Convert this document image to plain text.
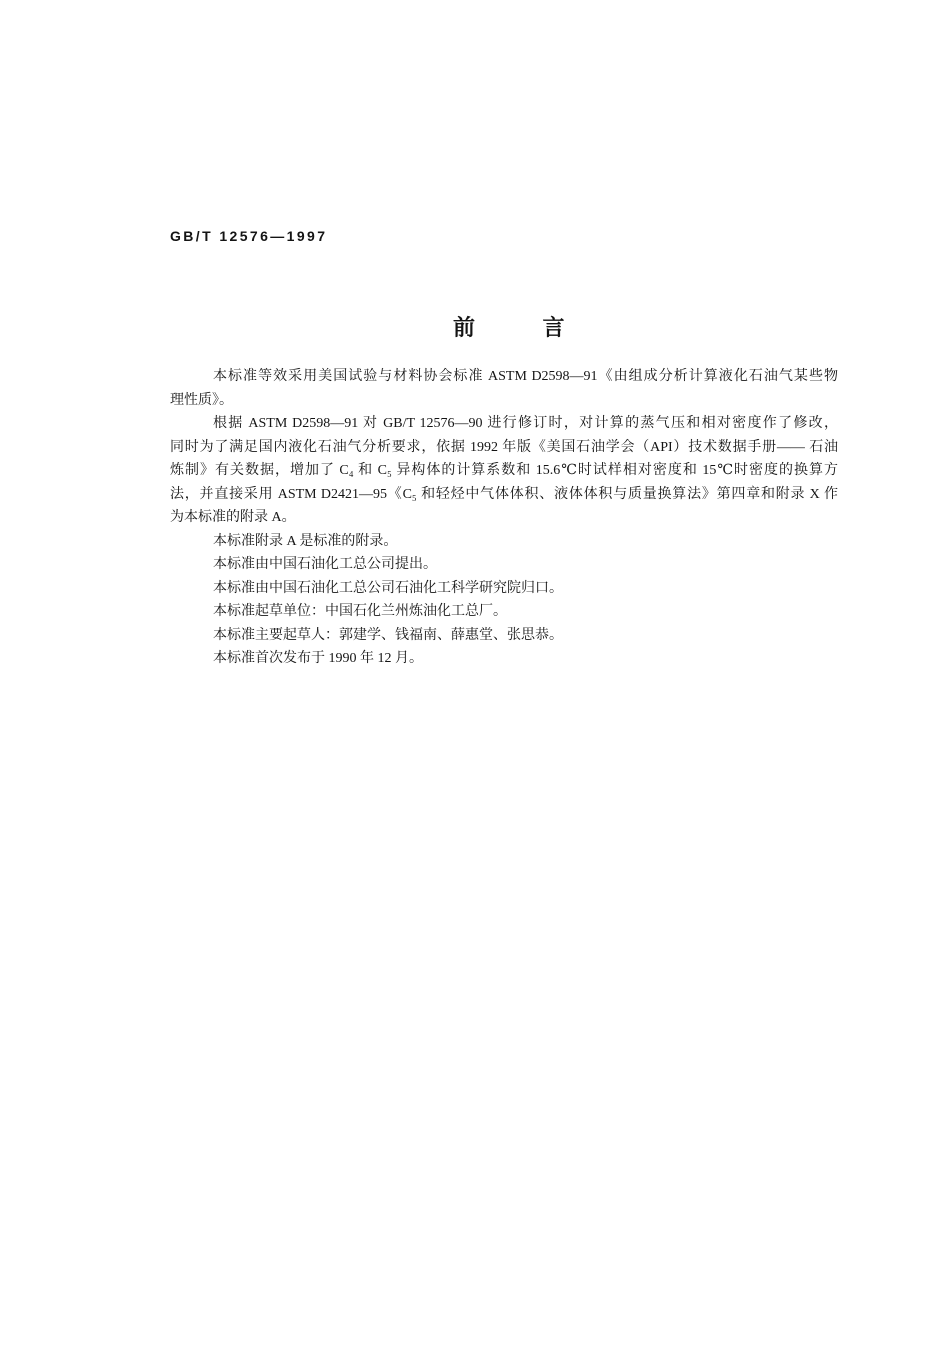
GB/T 12576—1997
前 言
本标准等效采用美国试验与材料协会标准 ASTM D2598—91《由组成分析计算液化石油气某些物
理性质》。
根据 ASTM D2598—91 对 GB/T 12576—90 进行修订时，对计算的蒸气压和相对密度作了修改，
同时为了满足国内液化石油气分析要求，依据 1992 年版《美国石油学会（API）技术数据手册—— 石油
炼制》有关数据，增加了 C₄ 和 C₅ 异构体的计算系数和 15.6℃时试样相对密度和 15℃时密度的换算方
法，并直接采用 ASTM D2421—95《C₅ 和轻烃中气体体积、液体体积与质量换算法》第四章和附录 X 作
为本标准的附录 A。
本标准附录 A 是标准的附录。
本标准由中国石油化工总公司提出。
本标准由中国石油化工总公司石油化工科学研究院归口。
本标准起草单位：中国石化兰州炼油化工总厂。
本标准主要起草人：郭建学、钱福南、薛惠堂、张思恭。
本标准首次发布于 1990 年 12 月。
